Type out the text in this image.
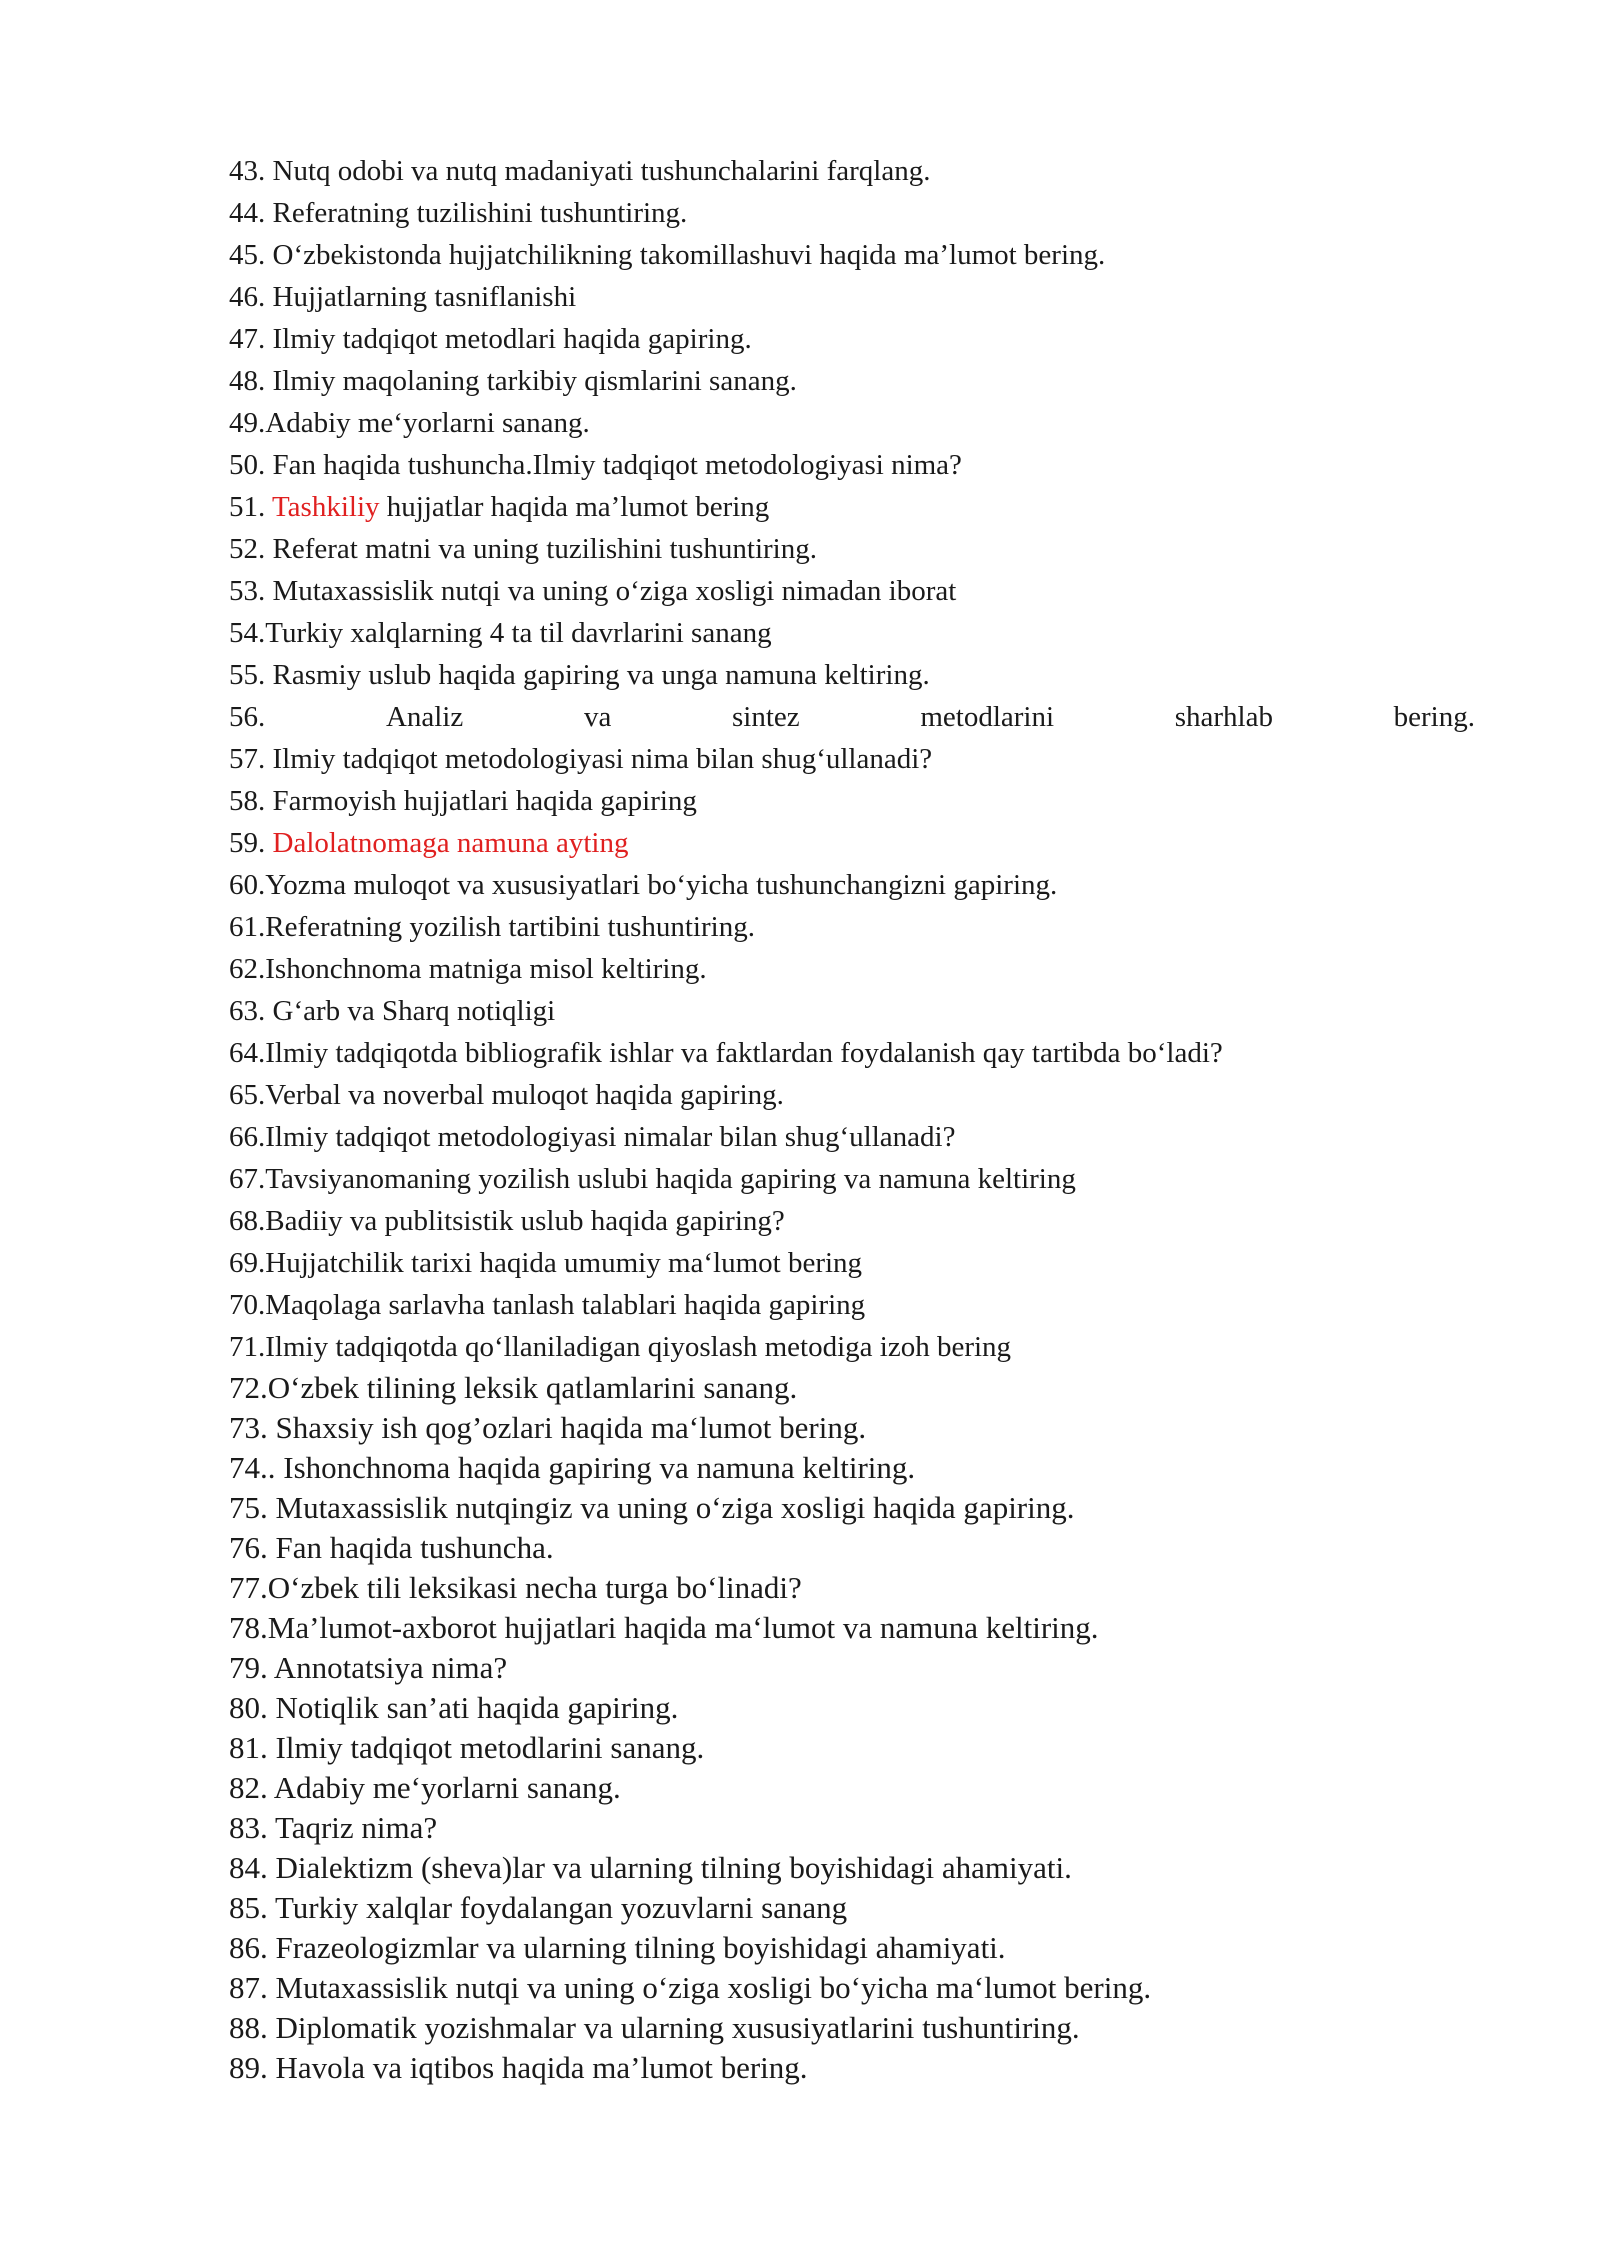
43. Nutq odobi va nutq madaniyati tushunchalarini farqlang.
44. Referatning tuzilishini tushuntiring.
45. O‘zbekistonda hujjatchilikning takomillashuvi haqida ma’lumot bering.
46. Hujjatlarning tasniflanishi
47. Ilmiy tadqiqot metodlari haqida gapiring.
48. Ilmiy maqolaning tarkibiy qismlarini sanang.
49.Adabiy me‘yorlarni sanang.
50. Fan haqida tushuncha.Ilmiy tadqiqot metodologiyasi nima?
51. Tashkiliy hujjatlar haqida ma’lumot bering
52. Referat matni va uning tuzilishini tushuntiring.
53. Mutaxassislik nutqi va uning o‘ziga xosligi nimadan iborat
54.Turkiy xalqlarning 4 ta til davrlarini sanang
55. Rasmiy uslub haqida gapiring va unga namuna keltiring.
56.	Analiz	va	sintez	metodlarini	sharhlab	bering.
57. Ilmiy tadqiqot metodologiyasi nima bilan shug‘ullanadi?
58. Farmoyish hujjatlari haqida gapiring
59. Dalolatnomaga namuna ayting
60.Yozma muloqot va xususiyatlari bo‘yicha tushunchangizni gapiring.
61.Referatning yozilish tartibini tushuntiring.
62.Ishonchnoma matniga misol keltiring.
63. G‘arb va Sharq notiqligi
64.Ilmiy tadqiqotda bibliografik ishlar va faktlardan foydalanish qay tartibda bo‘ladi?
65.Verbal va noverbal muloqot haqida gapiring.
66.Ilmiy tadqiqot metodologiyasi nimalar bilan shug‘ullanadi?
67.Tavsiyanomaning yozilish uslubi haqida gapiring va namuna keltiring
68.Badiiy va publitsistik uslub haqida gapiring?
69.Hujjatchilik tarixi haqida umumiy ma‘lumot bering
70.Maqolaga sarlavha tanlash talablari haqida gapiring
71.Ilmiy tadqiqotda qo‘llaniladigan qiyoslash metodiga izoh bering
72.O‘zbek tilining leksik qatlamlarini sanang.
73. Shaxsiy ish qog’ozlari haqida ma‘lumot bering.
74.. Ishonchnoma haqida gapiring va namuna keltiring.
75. Mutaxassislik nutqingiz va uning o‘ziga xosligi haqida gapiring.
76. Fan haqida tushuncha.
77.O‘zbek tili leksikasi necha turga bo‘linadi?
78.Ma’lumot-axborot hujjatlari haqida ma‘lumot va namuna keltiring.
79. Annotatsiya nima?
80. Notiqlik san’ati haqida gapiring.
81. Ilmiy tadqiqot metodlarini sanang.
82. Adabiy me‘yorlarni sanang.
83. Taqriz nima?
84. Dialektizm (sheva)lar va ularning tilning boyishidagi ahamiyati.
85. Turkiy xalqlar foydalangan yozuvlarni sanang
86. Frazeologizmlar va ularning tilning boyishidagi ahamiyati.
87. Mutaxassislik nutqi va uning o‘ziga xosligi bo‘yicha ma‘lumot bering.
88. Diplomatik yozishmalar va ularning xususiyatlarini tushuntiring.
89. Havola va iqtibos haqida ma’lumot bering.
